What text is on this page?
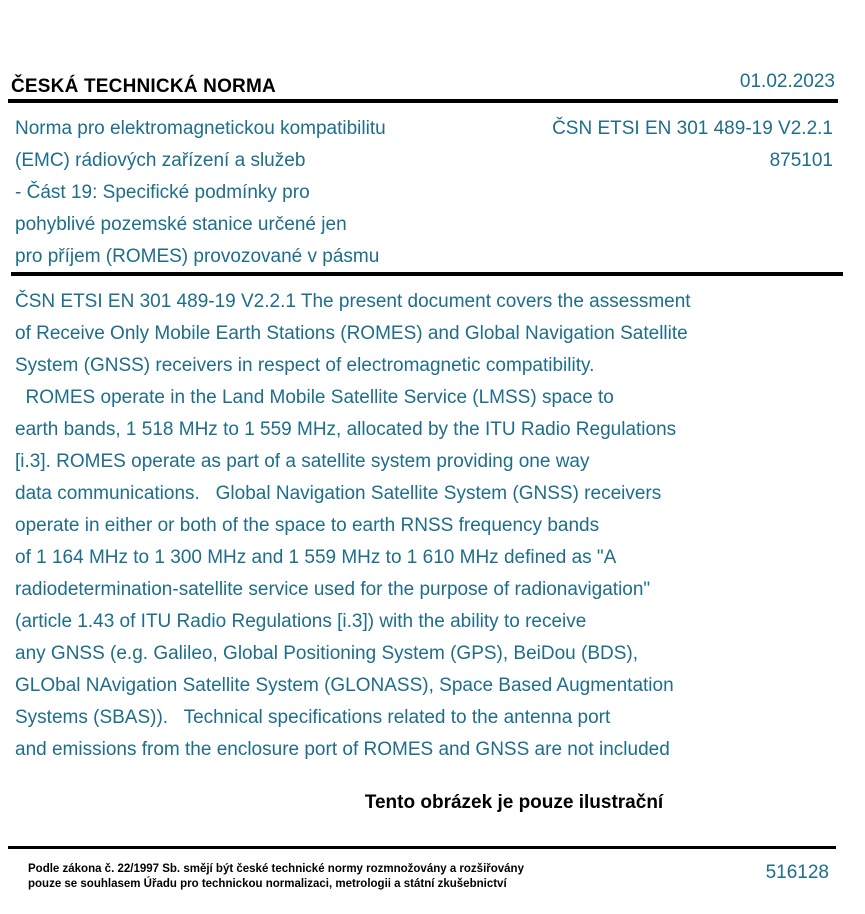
ČESKÁ TECHNICKÁ NORMA	01.02.2023
Norma pro elektromagnetickou kompatibilitu
(EMC) rádiových zařízení a služeb
- Část 19: Specifické podmínky pro
pohyblivé pozemské stanice určené jen
pro příjem (ROMES) provozované v pásmu
ČSN ETSI EN 301 489-19 V2.2.1
875101
ČSN ETSI EN 301 489-19 V2.2.1 The present document covers the assessment
of Receive Only Mobile Earth Stations (ROMES) and Global Navigation Satellite
System (GNSS) receivers in respect of electromagnetic compatibility.
ROMES operate in the Land Mobile Satellite Service (LMSS) space to
earth bands, 1 518 MHz to 1 559 MHz, allocated by the ITU Radio Regulations
[i.3]. ROMES operate as part of a satellite system providing one way
data communications.   Global Navigation Satellite System (GNSS) receivers
operate in either or both of the space to earth RNSS frequency bands
of 1 164 MHz to 1 300 MHz and 1 559 MHz to 1 610 MHz defined as "A
radiodetermination-satellite service used for the purpose of radionavigation"
(article 1.43 of ITU Radio Regulations [i.3]) with the ability to receive
any GNSS (e.g. Galileo, Global Positioning System (GPS), BeiDou (BDS),
GLObal NAvigation Satellite System (GLONASS), Space Based Augmentation
Systems (SBAS)).   Technical specifications related to the antenna port
and emissions from the enclosure port of ROMES and GNSS are not included
Tento obrázek je pouze ilustrační
Podle zákona č. 22/1997 Sb. smějí být české technické normy rozmnožovány a rozšiřovány
pouze se souhlasem Úřadu pro technickou normalizaci, metrologii a státní zkušebnictví
516128
